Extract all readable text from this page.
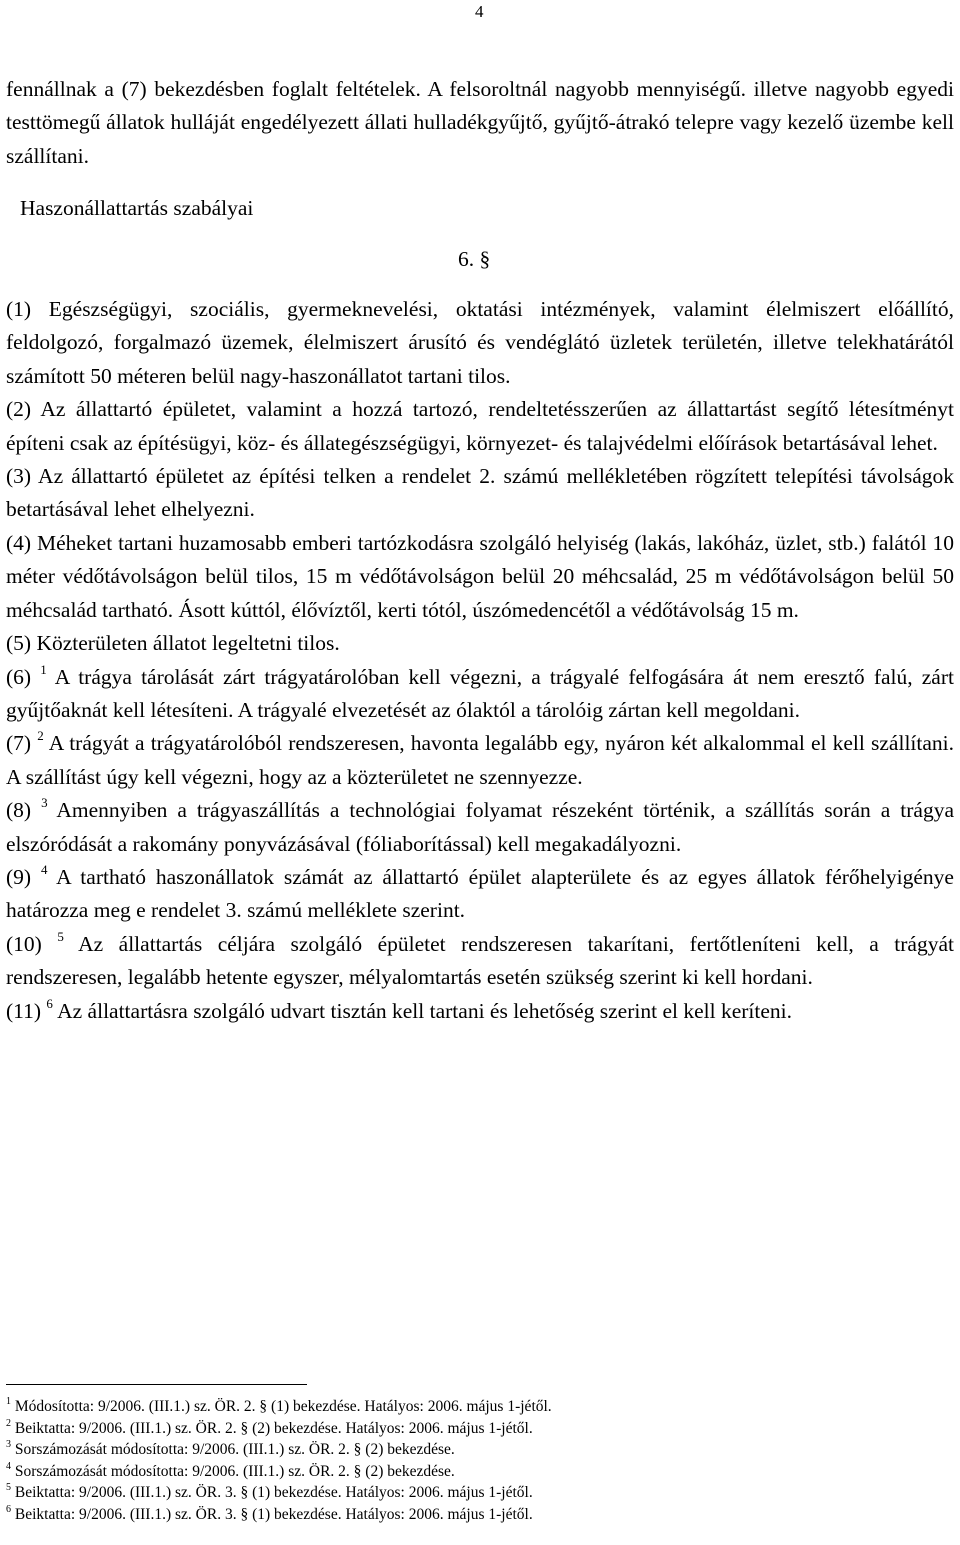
4

fennállnak a (7) bekezdésben foglalt feltételek. A felsoroltnál nagyobb mennyiségű. illetve nagyobb egyedi testtömegű állatok hulláját engedélyezett állati hulladékgyűjtő, gyűjtő-átrakó telepre vagy kezelő üzembe kell szállítani.

Haszonállattartás szabályai

6. §

(1) Egészségügyi, szociális, gyermeknevelési, oktatási intézmények, valamint élelmiszert előállító, feldolgozó, forgalmazó üzemek, élelmiszert árusító és vendéglátó üzletek területén, illetve telekhatárától számított 50 méteren belül nagy-haszonállatot tartani tilos.

(2) Az állattartó épületet, valamint a hozzá tartozó, rendeltetésszerűen az állattartást segítő létesítményt építeni csak az építésügyi, köz- és állategészségügyi, környezet- és talajvédelmi előírások betartásával lehet.

(3) Az állattartó épületet az építési telken a rendelet 2. számú mellékletében rögzített telepítési távolságok betartásával lehet elhelyezni.

(4) Méheket tartani huzamosabb emberi tartózkodásra szolgáló helyiség (lakás, lakóház, üzlet, stb.) falától 10 méter védőtávolságon belül tilos, 15 m védőtávolságon belül 20 méhcsalád, 25 m védőtávolságon belül 50 méhcsalád tartható. Ásott kúttól, élővíztől, kerti tótól, úszómedencétől a védőtávolság 15 m.

(5) Közterületen állatot legeltetni tilos.

(6) $^1$ A trágya tárolását zárt trágyatárolóban kell végezni, a trágyalé felfogására át nem eresztő falú, zárt gyűjtőaknát kell létesíteni. A trágyalé elvezetését az ólaktól a tárolóig zártan kell megoldani.

(7) $^2$ A trágyát a trágyatárolóból rendszeresen, havonta legalább egy, nyáron két alkalommal el kell szállítani. A szállítást úgy kell végezni, hogy az a közterületet ne szennyezze.

(8) $^3$ Amennyiben a trágyaszállítás a technológiai folyamat részeként történik, a szállítás során a trágya elszóródását a rakomány ponyvázásával (fóliaborítással) kell megakadályozni.

(9) $^4$ A tartható haszonállatok számát az állattartó épület alapterülete és az egyes állatok férőhelyigénye határozza meg e rendelet 3. számú melléklete szerint.

(10) $^5$ Az állattartás céljára szolgáló épületet rendszeresen takarítani, fertőtleníteni kell, a trágyát rendszeresen, legalább hetente egyszer, mélyalomtartás esetén szükség szerint ki kell hordani.

(11) $^6$ Az állattartásra szolgáló udvart tisztán kell tartani és lehetőség szerint el kell keríteni.

$^1$ Módosította: 9/2006. (III.1.) sz. ÖR. 2. § (1) bekezdése. Hatályos: 2006. május 1-jétől.
$^2$ Beiktatta: 9/2006. (III.1.) sz. ÖR. 2. § (2) bekezdése. Hatályos: 2006. május 1-jétől.
$^3$ Sorszámozását módosította: 9/2006. (III.1.) sz. ÖR. 2. § (2) bekezdése.
$^4$ Sorszámozását módosította: 9/2006. (III.1.) sz. ÖR. 2. § (2) bekezdése.
$^5$ Beiktatta: 9/2006. (III.1.) sz. ÖR. 3. § (1) bekezdése. Hatályos: 2006. május 1-jétől.
$^6$ Beiktatta: 9/2006. (III.1.) sz. ÖR. 3. § (1) bekezdése. Hatályos: 2006. május 1-jétől.
